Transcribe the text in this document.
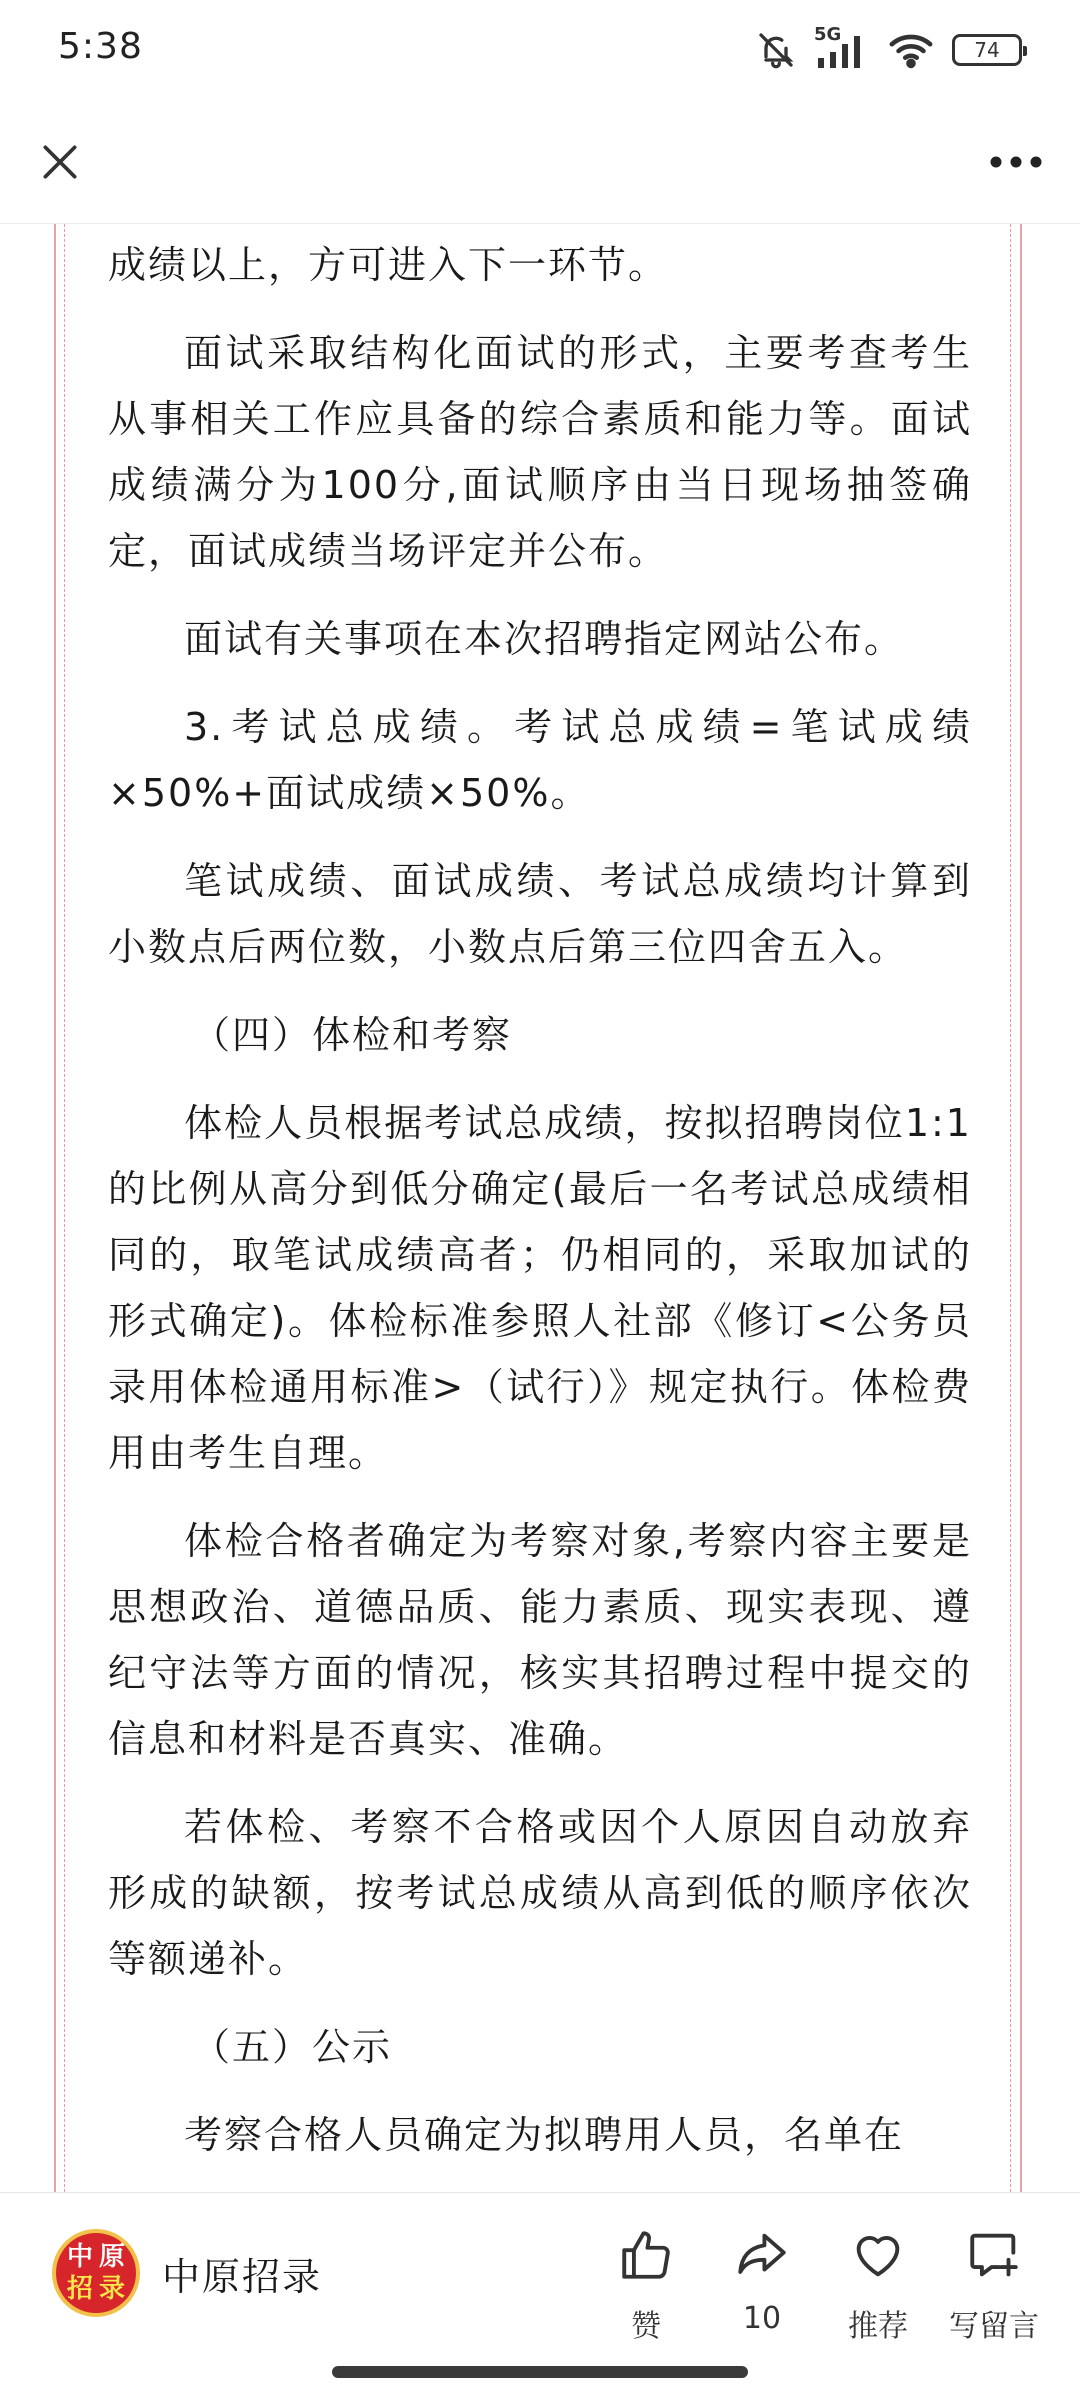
5:38	5G
74

成绩以上，方可进入下一环节。

面试采取结构化面试的形式，主要考查考生从事相关工作应具备的综合素质和能力等。面试成绩满分为100分,面试顺序由当日现场抽签确定，面试成绩当场评定并公布。

面试有关事项在本次招聘指定网站公布。

3.考试总成绩。考试总成绩=笔试成绩×50%+面试成绩×50%。

笔试成绩、面试成绩、考试总成绩均计算到小数点后两位数，小数点后第三位四舍五入。

（四）体检和考察

体检人员根据考试总成绩，按拟招聘岗位1:1的比例从高分到低分确定(最后一名考试总成绩相同的，取笔试成绩高者；仍相同的，采取加试的形式确定)。体检标准参照人社部《修订<公务员录用体检通用标准>（试行）》规定执行。体检费用由考生自理。

体检合格者确定为考察对象,考察内容主要是思想政治、道德品质、能力素质、现实表现、遵纪守法等方面的情况，核实其招聘过程中提交的信息和材料是否真实、准确。

若体检、考察不合格或因个人原因自动放弃形成的缺额，按考试总成绩从高到低的顺序依次等额递补。

（五）公示

考察合格人员确定为拟聘用人员，名单在

中 原
招 录 中原招录
赞	10 推荐 写留言
